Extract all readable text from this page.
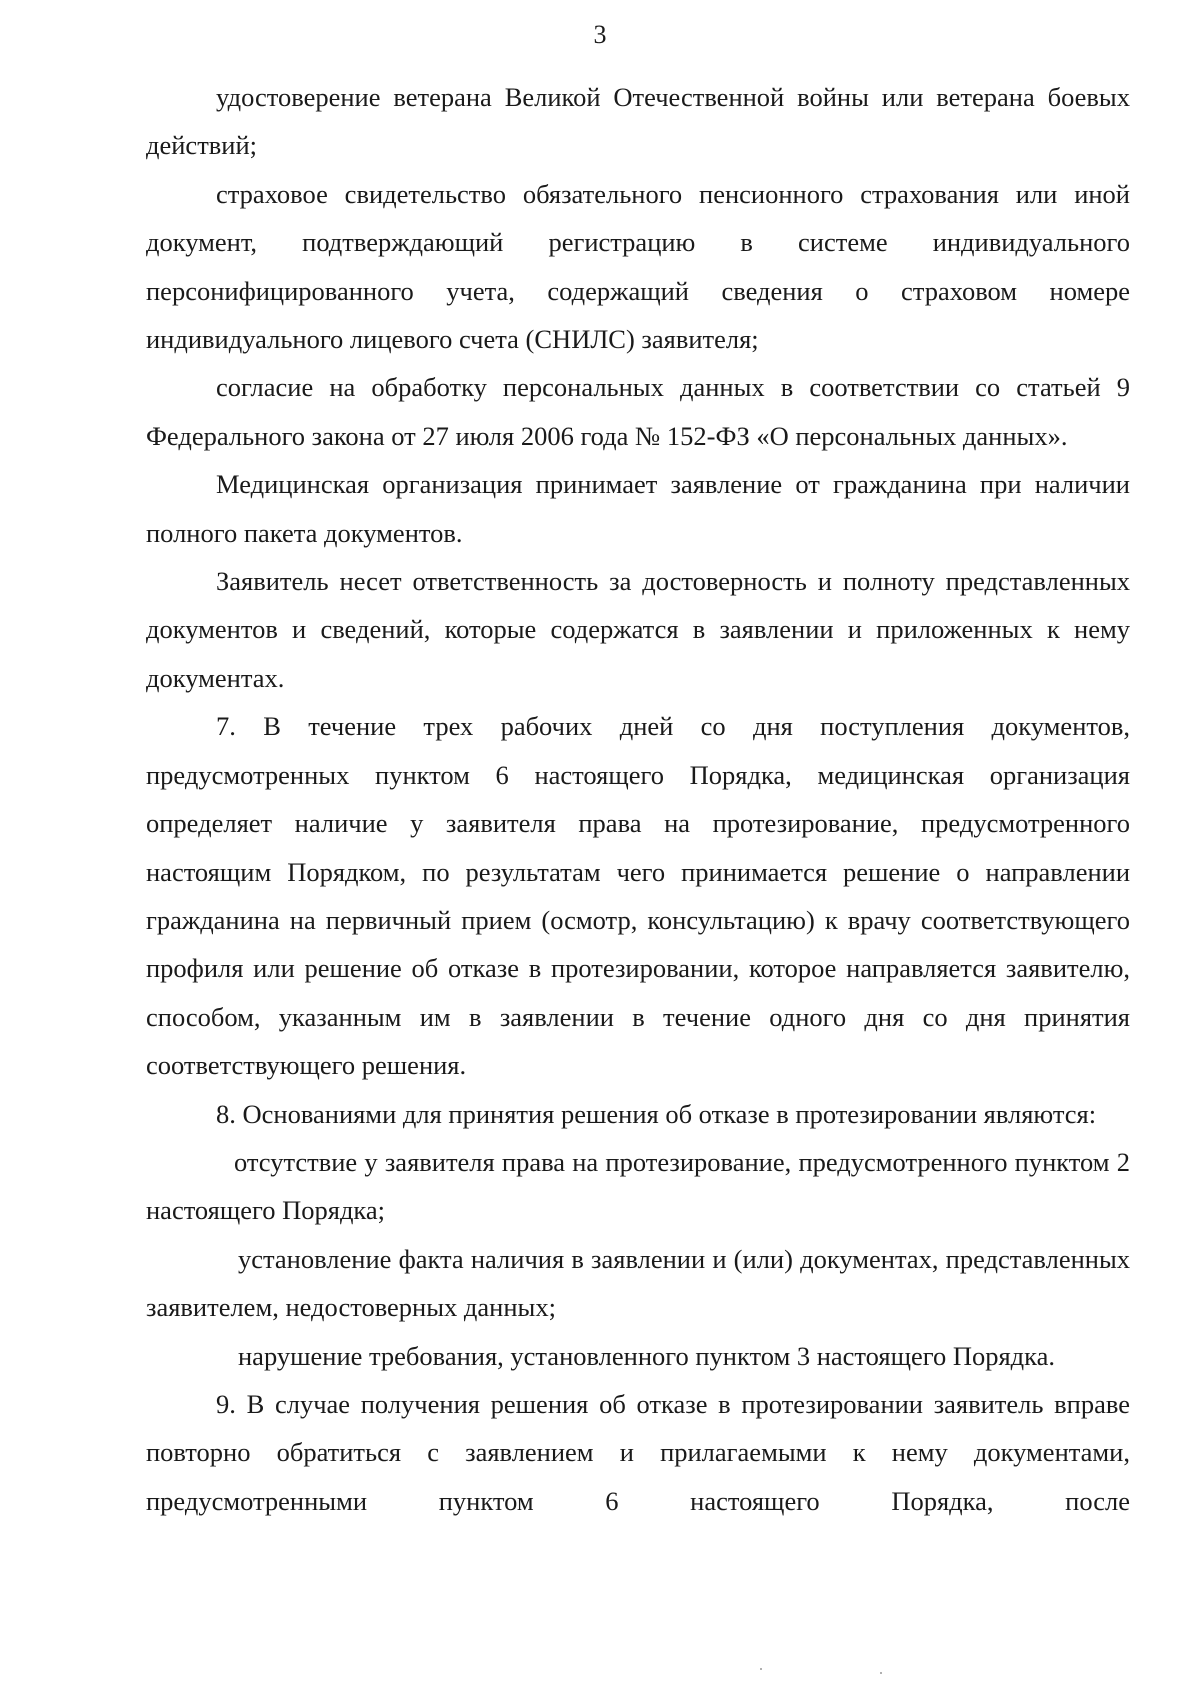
3

удостоверение ветерана Великой Отечественной войны или ветерана боевых действий;

страховое свидетельство обязательного пенсионного страхования или иной документ, подтверждающий регистрацию в системе индивидуального персонифицированного учета, содержащий сведения о страховом номере индивидуального лицевого счета (СНИЛС) заявителя;

согласие на обработку персональных данных в соответствии со статьей 9 Федерального закона от 27 июля 2006 года № 152-ФЗ «О персональных данных».

Медицинская организация принимает заявление от гражданина при наличии полного пакета документов.

Заявитель несет ответственность за достоверность и полноту представленных документов и сведений, которые содержатся в заявлении и приложенных к нему документах.

7. В течение трех рабочих дней со дня поступления документов, предусмотренных пунктом 6 настоящего Порядка, медицинская организация определяет наличие у заявителя права на протезирование, предусмотренного настоящим Порядком, по результатам чего принимается решение о направлении гражданина на первичный прием (осмотр, консультацию) к врачу соответствующего профиля или решение об отказе в протезировании, которое направляется заявителю, способом, указанным им в заявлении в течение одного дня со дня принятия соответствующего решения.

8. Основаниями для принятия решения об отказе в протезировании являются:

отсутствие у заявителя права на протезирование, предусмотренного пунктом 2 настоящего Порядка;

установление факта наличия в заявлении и (или) документах, представленных заявителем, недостоверных данных;

нарушение требования, установленного пунктом 3 настоящего Порядка.

9. В случае получения решения об отказе в протезировании заявитель вправе повторно обратиться с заявлением и прилагаемыми к нему документами, предусмотренными пунктом 6 настоящего Порядка, после
